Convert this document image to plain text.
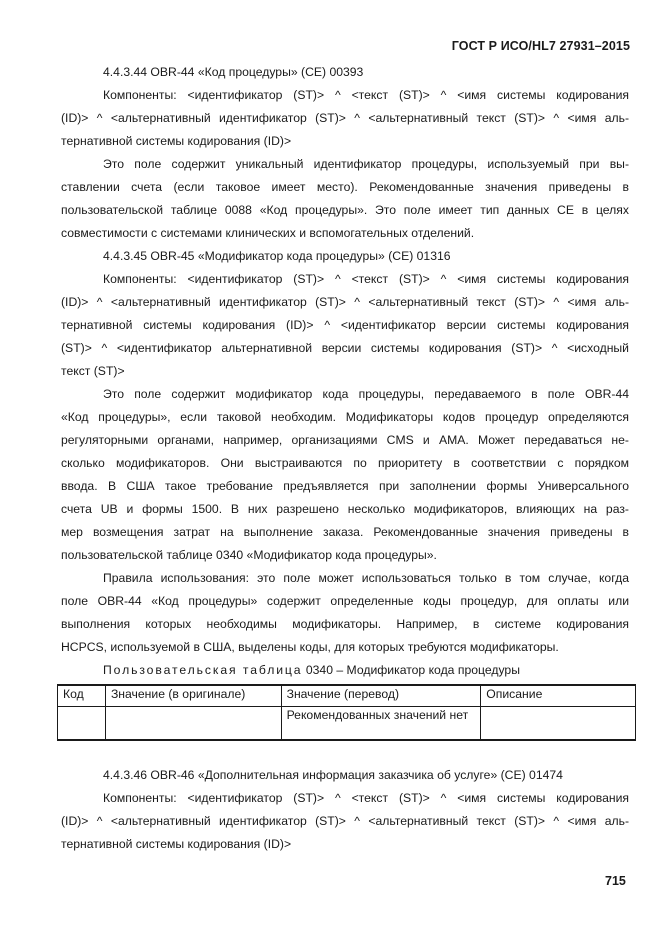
ГОСТ Р ИСО/HL7 27931–2015
4.4.3.44 OBR-44 «Код процедуры» (CE) 00393
Компоненты: <идентификатор (ST)> ^ <текст (ST)> ^ <имя системы кодирования
(ID)> ^ <альтернативный идентификатор (ST)> ^ <альтернативный текст (ST)> ^ <имя аль-
тернативной системы кодирования (ID)>
Это поле содержит уникальный идентификатор процедуры, используемый при вы-
ставлении счета (если таковое имеет место). Рекомендованные значения приведены в
пользовательской таблице 0088 «Код процедуры». Это поле имеет тип данных CE в целях
совместимости с системами клинических и вспомогательных отделений.
4.4.3.45 OBR-45 «Модификатор кода процедуры» (CE) 01316
Компоненты: <идентификатор (ST)> ^ <текст (ST)> ^ <имя системы кодирования
(ID)> ^ <альтернативный идентификатор (ST)> ^ <альтернативный текст (ST)> ^ <имя аль-
тернативной системы кодирования (ID)> ^ <идентификатор версии системы кодирования
(ST)> ^ <идентификатор альтернативной версии системы кодирования (ST)> ^ <исходный
текст (ST)>
Это поле содержит модификатор кода процедуры, передаваемого в поле OBR-44
«Код процедуры», если таковой необходим. Модификаторы кодов процедур определяются
регуляторными органами, например, организациями CMS и AMA. Может передаваться не-
сколько модификаторов. Они выстраиваются по приоритету в соответствии с порядком
ввода. В США такое требование предъявляется при заполнении формы Универсального
счета UB и формы 1500. В них разрешено несколько модификаторов, влияющих на раз-
мер возмещения затрат на выполнение заказа. Рекомендованные значения приведены в
пользовательской таблице 0340 «Модификатор кода процедуры».
Правила использования: это поле может использоваться только в том случае, когда
поле OBR-44 «Код процедуры» содержит определенные коды процедур, для оплаты или
выполнения которых необходимы модификаторы. Например, в системе кодирования
HCPCS, используемой в США, выделены коды, для которых требуются модификаторы.
Пользовательская таблица 0340 – Модификатор кода процедуры
Код	Значение (в оригинале)	Значение (перевод)	Описание
		Рекомендованных значений нет	
4.4.3.46 OBR-46 «Дополнительная информация заказчика об услуге» (CE) 01474
Компоненты: <идентификатор (ST)> ^ <текст (ST)> ^ <имя системы кодирования
(ID)> ^ <альтернативный идентификатор (ST)> ^ <альтернативный текст (ST)> ^ <имя аль-
тернативной системы кодирования (ID)>
715
